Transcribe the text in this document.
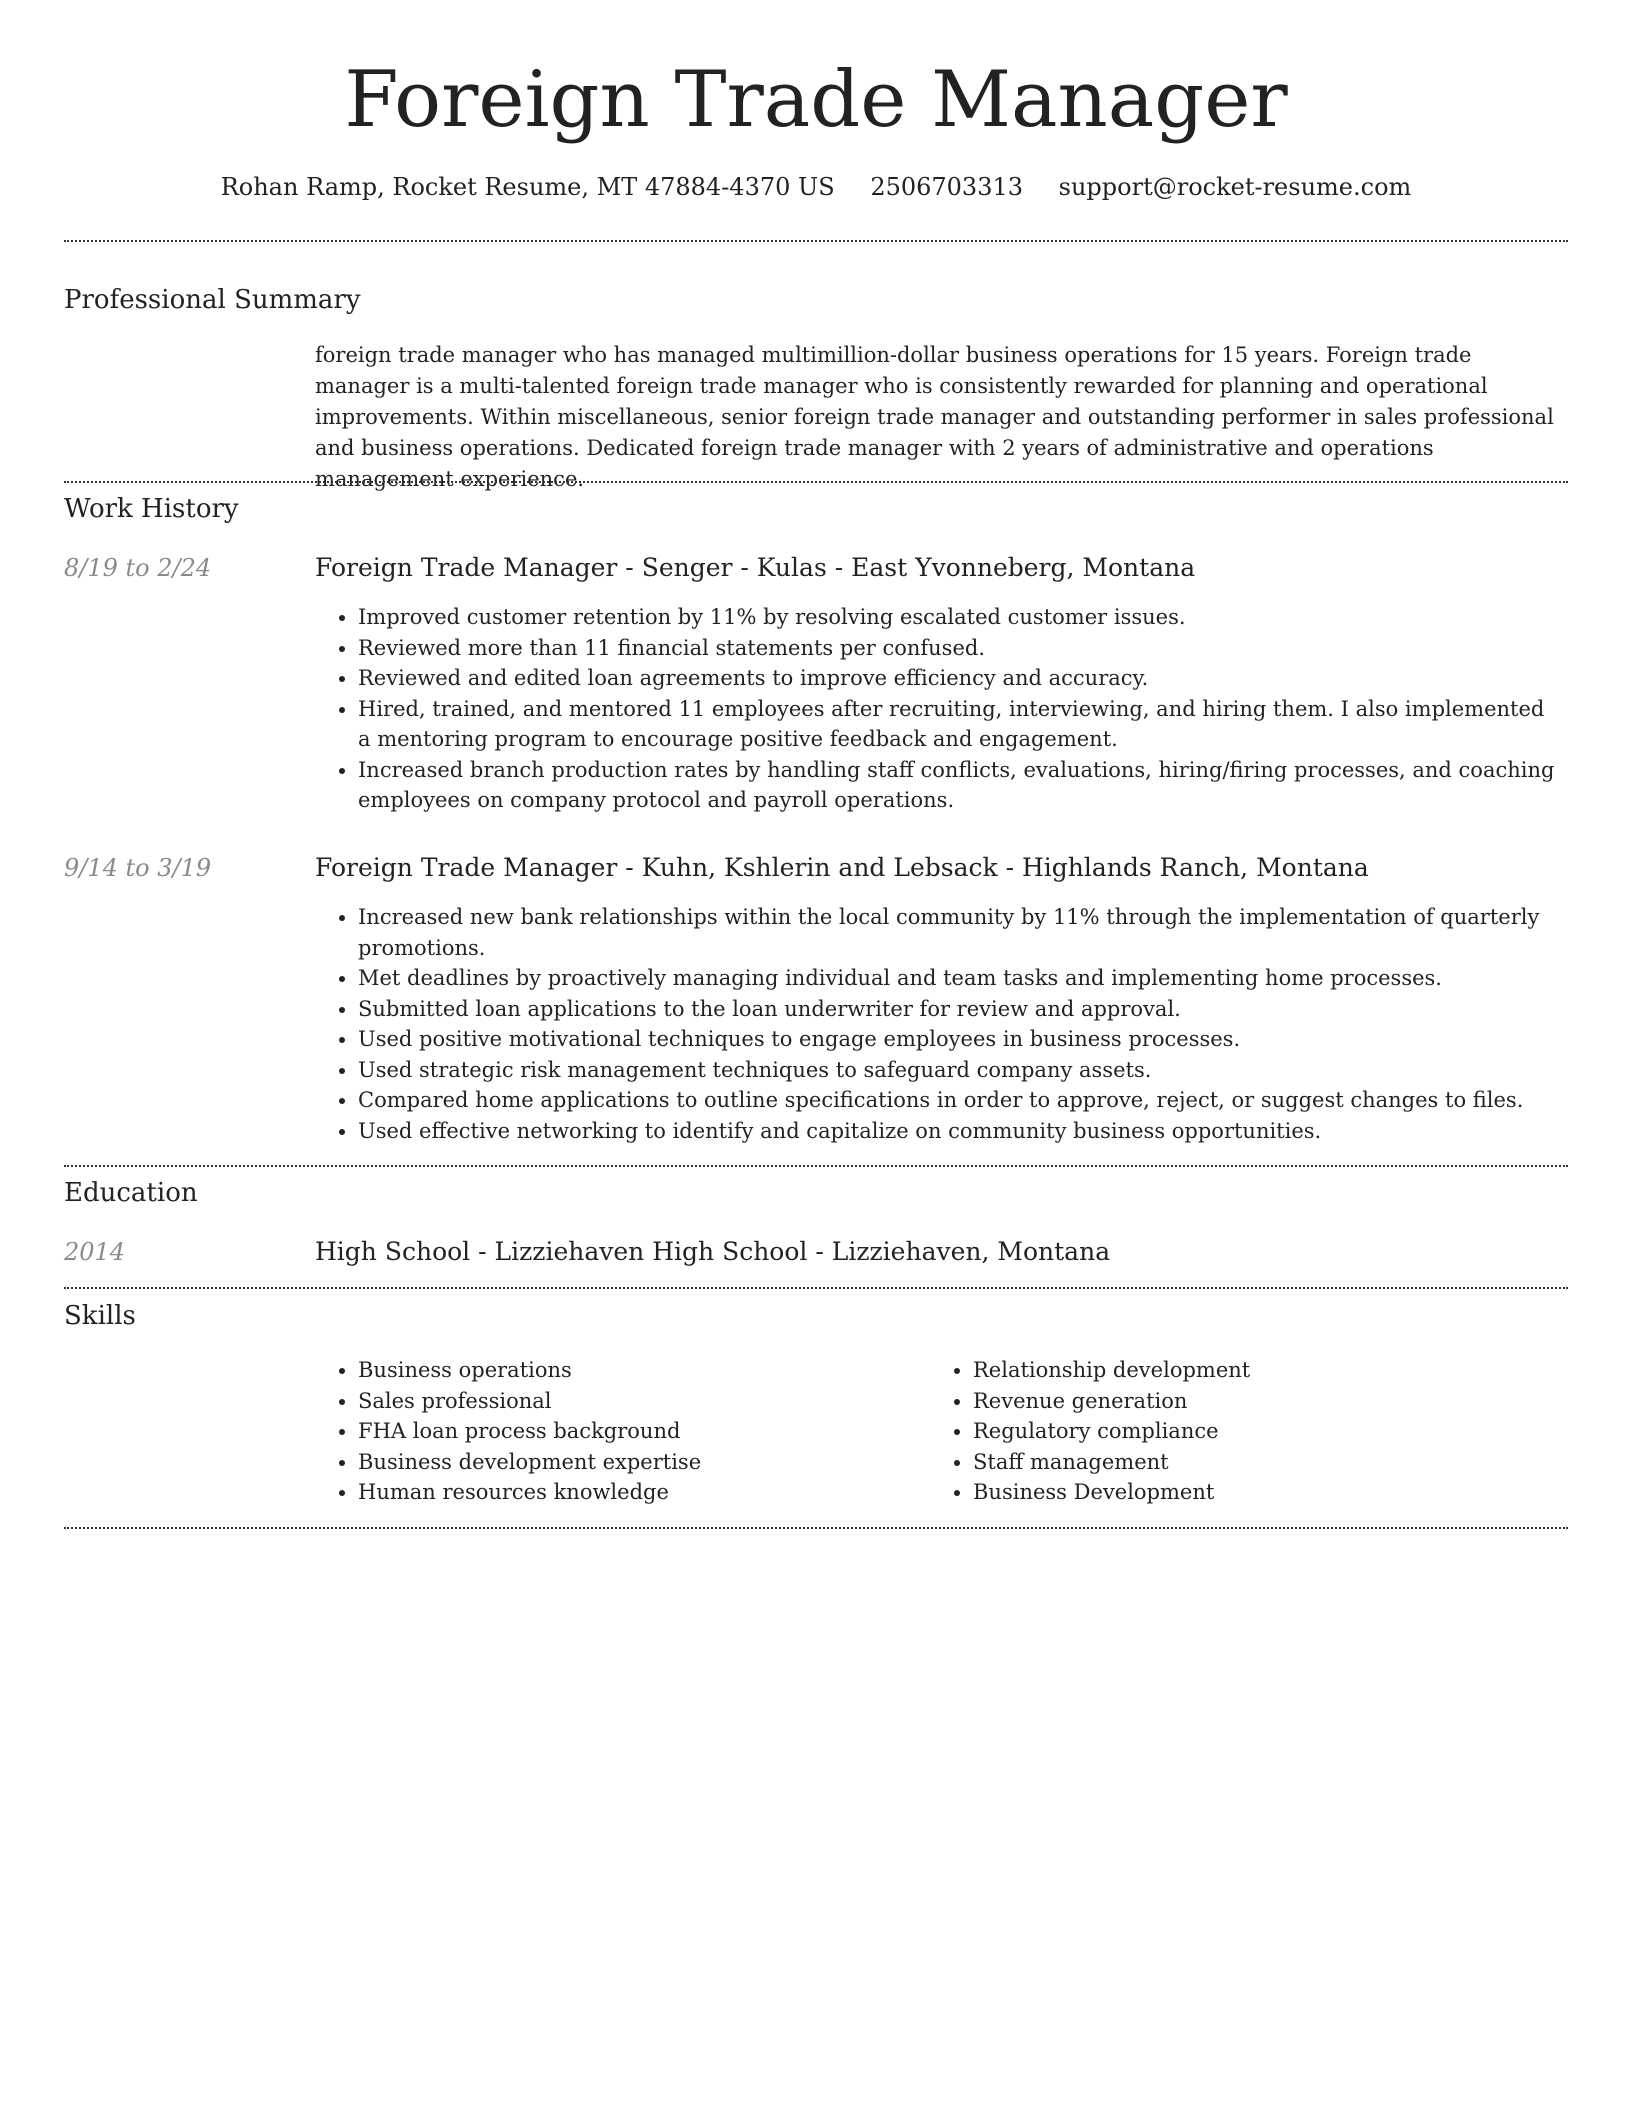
Foreign Trade Manager
Rohan Ramp, Rocket Resume, MT 47884-4370 US 2506703313 support@rocket-resume.com
Professional Summary
foreign trade manager who has managed multimillion-dollar business operations for 15 years. Foreign trade manager is a multi-talented foreign trade manager who is consistently rewarded for planning and operational improvements. Within miscellaneous, senior foreign trade manager and outstanding performer in sales professional and business operations. Dedicated foreign trade manager with 2 years of administrative and operations management experience.
Work History
8/19 to 2/24	Foreign Trade Manager - Senger - Kulas - East Yvonneberg, Montana
• Improved customer retention by 11% by resolving escalated customer issues.
• Reviewed more than 11 financial statements per confused.
• Reviewed and edited loan agreements to improve efficiency and accuracy.
• Hired, trained, and mentored 11 employees after recruiting, interviewing, and hiring them. I also implemented a mentoring program to encourage positive feedback and engagement.
• Increased branch production rates by handling staff conflicts, evaluations, hiring/firing processes, and coaching employees on company protocol and payroll operations.
9/14 to 3/19	Foreign Trade Manager - Kuhn, Kshlerin and Lebsack - Highlands Ranch, Montana
• Increased new bank relationships within the local community by 11% through the implementation of quarterly promotions.
• Met deadlines by proactively managing individual and team tasks and implementing home processes.
• Submitted loan applications to the loan underwriter for review and approval.
• Used positive motivational techniques to engage employees in business processes.
• Used strategic risk management techniques to safeguard company assets.
• Compared home applications to outline specifications in order to approve, reject, or suggest changes to files.
• Used effective networking to identify and capitalize on community business opportunities.
Education
2014	High School - Lizziehaven High School - Lizziehaven, Montana
Skills
• Business operations
• Sales professional
• FHA loan process background
• Business development expertise
• Human resources knowledge
• Relationship development
• Revenue generation
• Regulatory compliance
• Staff management
• Business Development
